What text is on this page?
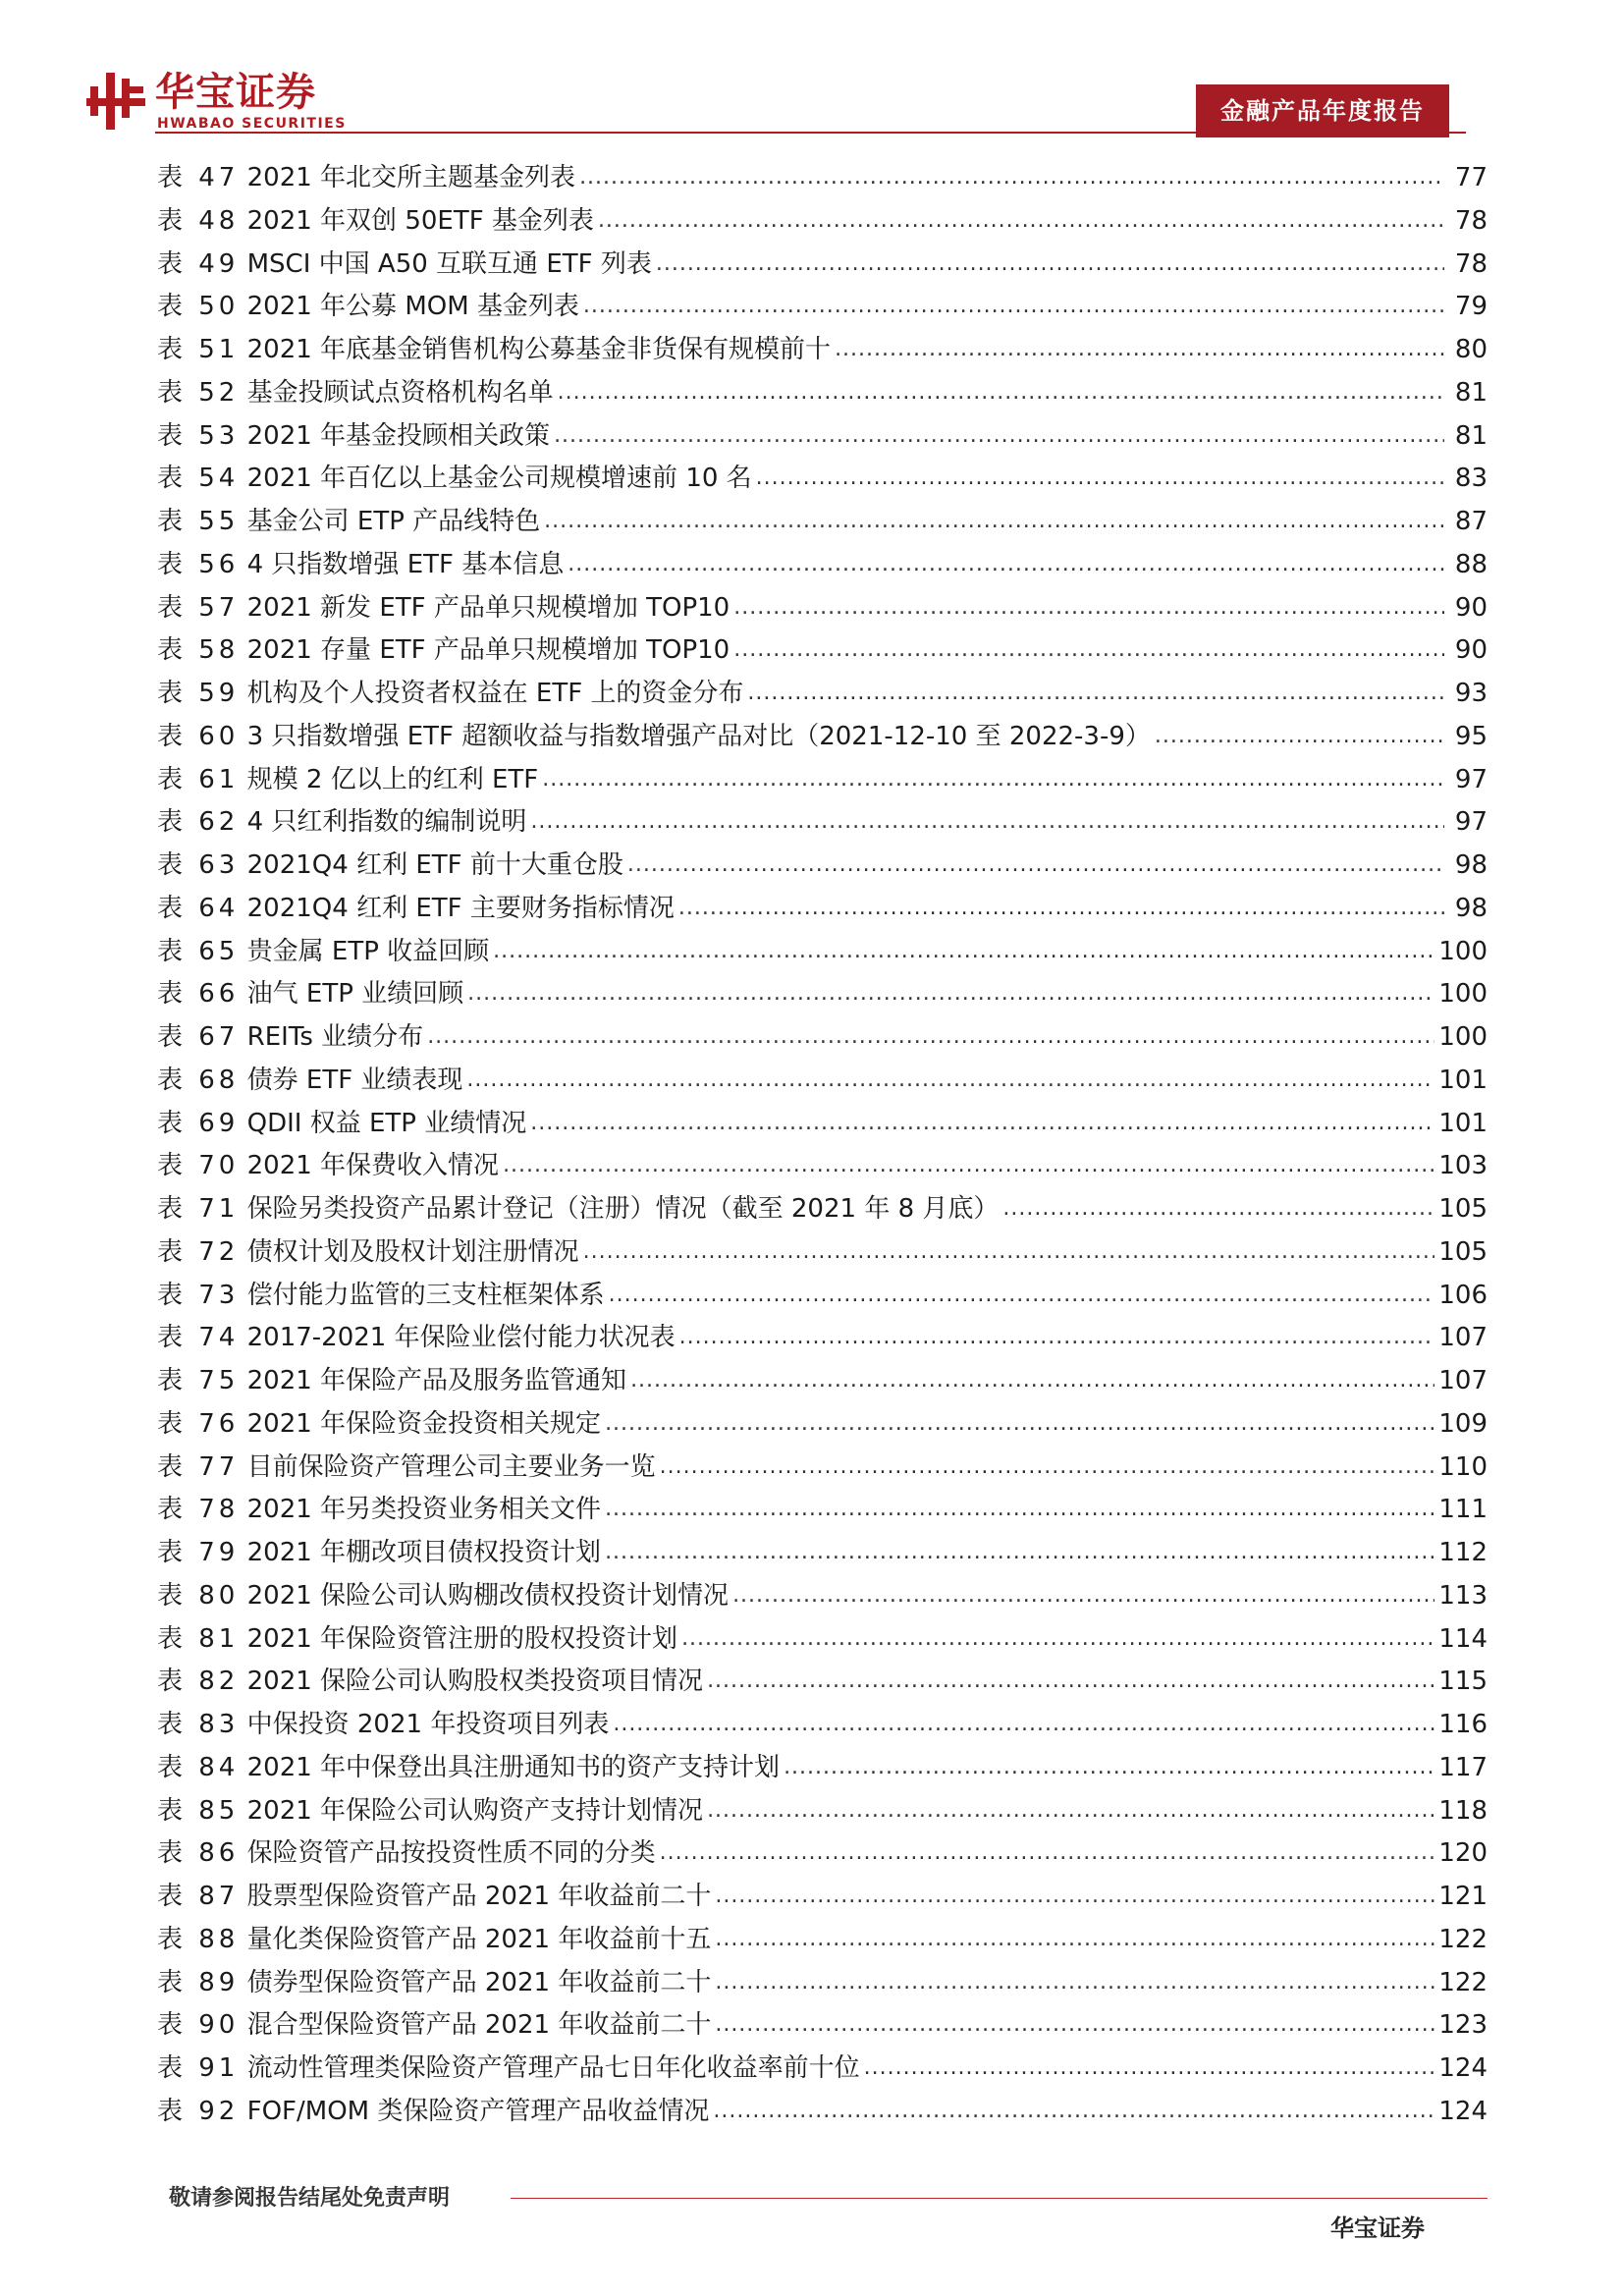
华宝证券
HWABAO SECURITIES	金融产品年度报告
表 47 2021 年北交所主题基金列表 .....	77
表 48 2021 年双创 50ETF 基金列表 .....	78
表 49 MSCI 中国 A50 互联互通 ETF 列表 .....	78
表 50 2021 年公募 MOM 基金列表 .....	79
表 51 2021 年底基金销售机构公募基金非货保有规模前十 .....	80
表 52 基金投顾试点资格机构名单 .....	81
表 53 2021 年基金投顾相关政策 .....	81
表 54 2021 年百亿以上基金公司规模增速前 10 名 .....	83
表 55 基金公司 ETP 产品线特色 .....	87
表 56 4 只指数增强 ETF 基本信息 .....	88
表 57 2021 新发 ETF 产品单只规模增加 TOP10 .....	90
表 58 2021 存量 ETF 产品单只规模增加 TOP10 .....	90
表 59 机构及个人投资者权益在 ETF 上的资金分布 .....	93
表 60 3 只指数增强 ETF 超额收益与指数增强产品对比（2021-12-10 至 2022-3-9） .....	95
表 61 规模 2 亿以上的红利 ETF .....	97
表 62 4 只红利指数的编制说明 .....	97
表 63 2021Q4 红利 ETF 前十大重仓股 .....	98
表 64 2021Q4 红利 ETF 主要财务指标情况 .....	98
表 65 贵金属 ETP 收益回顾 .....	100
表 66 油气 ETP 业绩回顾 .....	100
表 67 REITs 业绩分布 .....	100
表 68 债券 ETF 业绩表现 .....	101
表 69 QDII 权益 ETP 业绩情况 .....	101
表 70 2021 年保费收入情况 .....	103
表 71 保险另类投资产品累计登记（注册）情况（截至 2021 年 8 月底） .....	105
表 72 债权计划及股权计划注册情况 .....	105
表 73 偿付能力监管的三支柱框架体系 .....	106
表 74 2017-2021 年保险业偿付能力状况表 .....	107
表 75 2021 年保险产品及服务监管通知 .....	107
表 76 2021 年保险资金投资相关规定 .....	109
表 77 目前保险资产管理公司主要业务一览 .....	110
表 78 2021 年另类投资业务相关文件 .....	111
表 79 2021 年棚改项目债权投资计划 .....	112
表 80 2021 保险公司认购棚改债权投资计划情况 .....	113
表 81 2021 年保险资管注册的股权投资计划 .....	114
表 82 2021 保险公司认购股权类投资项目情况 .....	115
表 83 中保投资 2021 年投资项目列表 .....	116
表 84 2021 年中保登出具注册通知书的资产支持计划 .....	117
表 85 2021 年保险公司认购资产支持计划情况 .....	118
表 86 保险资管产品按投资性质不同的分类 .....	120
表 87 股票型保险资管产品 2021 年收益前二十 .....	121
表 88 量化类保险资管产品 2021 年收益前十五 .....	122
表 89 债券型保险资管产品 2021 年收益前二十 .....	122
表 90 混合型保险资管产品 2021 年收益前二十 .....	123
表 91 流动性管理类保险资产管理产品七日年化收益率前十位 .....	124
表 92 FOF/MOM 类保险资产管理产品收益情况 .....	124
敬请参阅报告结尾处免责声明
华宝证券
